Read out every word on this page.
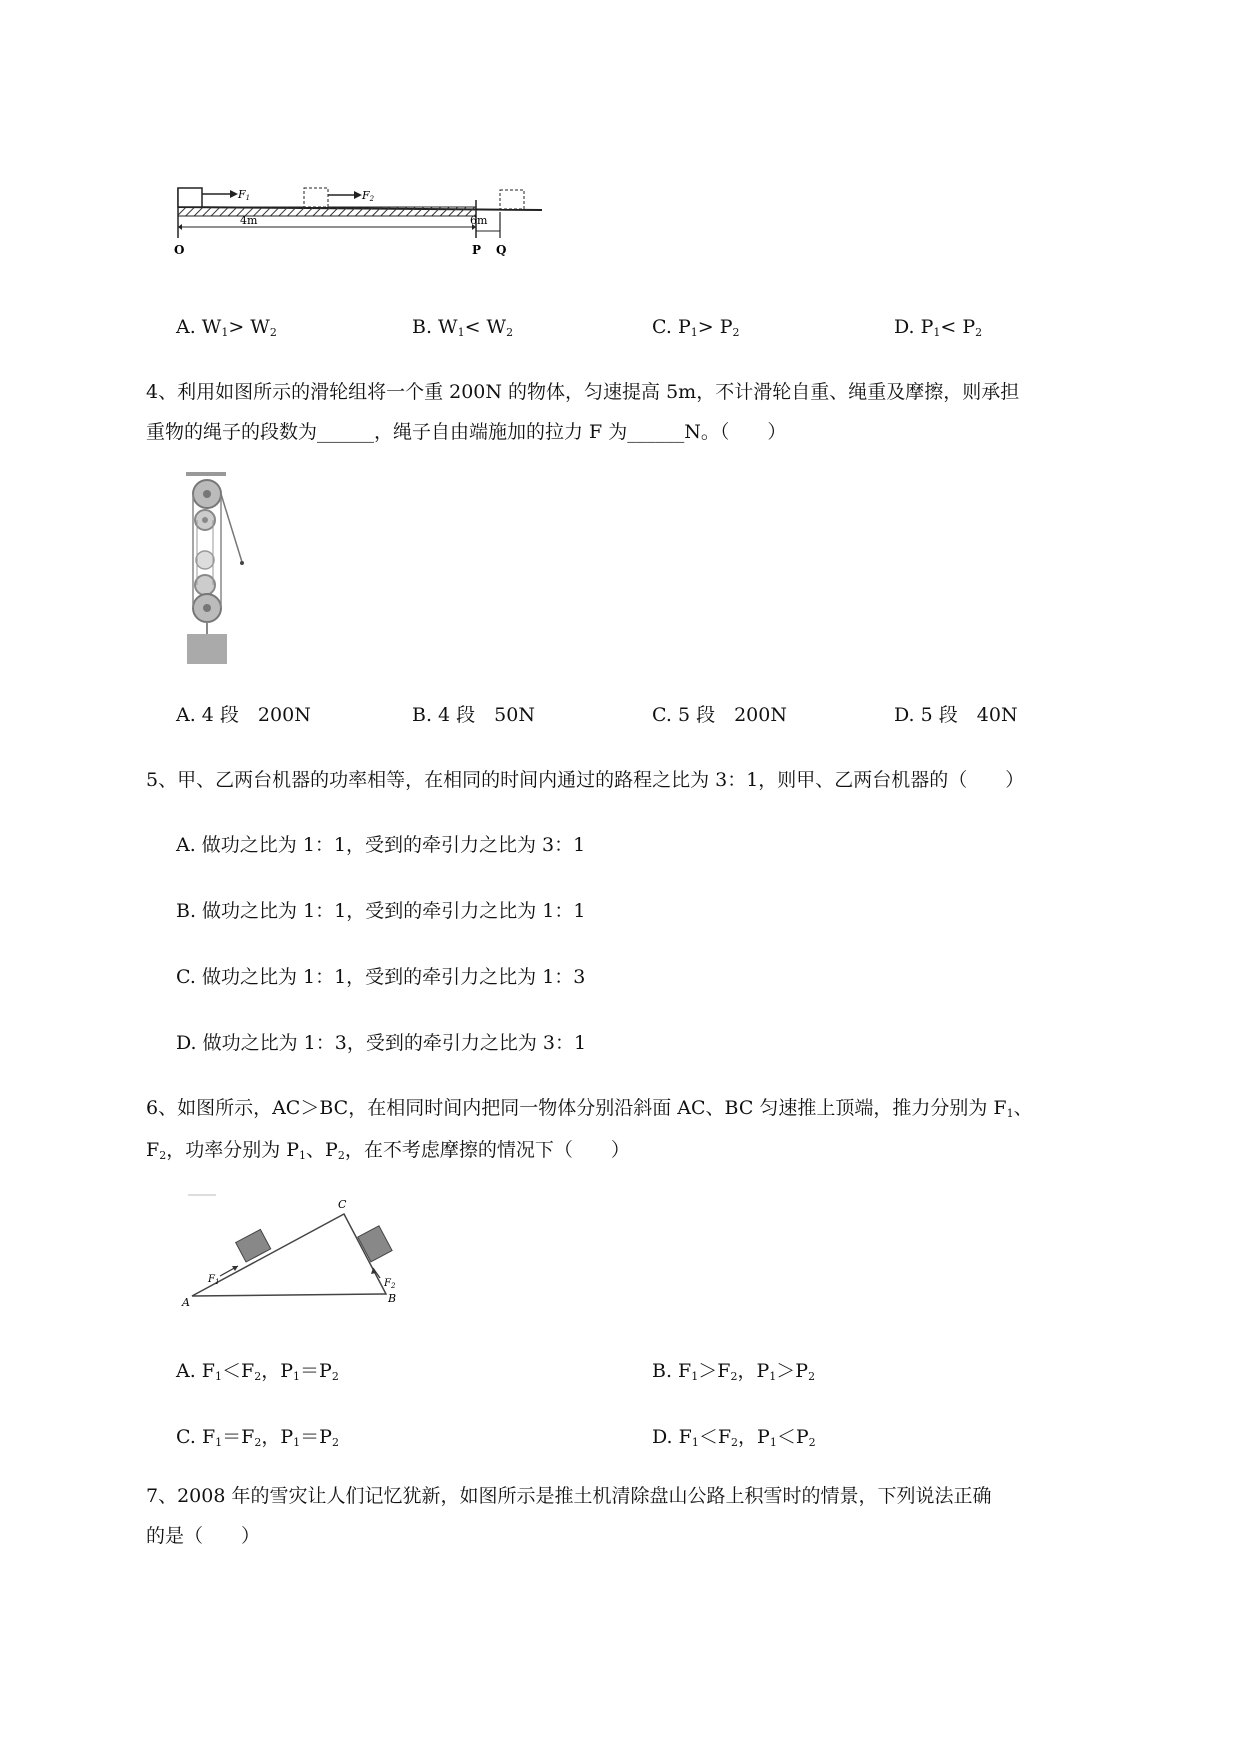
F1	F2
4m	6m
O	P Q
A. $W_1> W_2$	B. $W_1< W_2$	C. $P_1> P_2$	D. $P_1< P_2$
4、利用如图所示的滑轮组将一个重 200N 的物体，匀速提高 5m，不计滑轮自重、绳重及摩擦，则承担
重物的绳子的段数为______，绳子自由端施加的拉力 F 为______N。（　　）
A. 4 段　200N	B. 4 段　50N	C. 5 段　200N	D. 5 段　40N
5、甲、乙两台机器的功率相等，在相同的时间内通过的路程之比为 3：1，则甲、乙两台机器的（　　）
A. 做功之比为 1：1，受到的牵引力之比为 3：1
B. 做功之比为 1：1，受到的牵引力之比为 1：1
C. 做功之比为 1：1，受到的牵引力之比为 1：3
D. 做功之比为 1：3，受到的牵引力之比为 3：1
6、如图所示，AC＞BC，在相同时间内把同一物体分别沿斜面 AC、BC 匀速推上顶端，推力分别为 $F_1$、
$F_2$，功率分别为 $P_1$、$P_2$，在不考虑摩擦的情况下（　　）
A	B
C
$F_1$	$F_2$
A. $F_1<F_2$，$P_1=P_2$	B. $F_1>F_2$，$P_1>P_2$
C. $F_1=F_2$，$P_1=P_2$	D. $F_1<F_2$，$P_1<P_2$
7、2008 年的雪灾让人们记忆犹新，如图所示是推土机清除盘山公路上积雪时的情景，下列说法正确
的是（　　）
